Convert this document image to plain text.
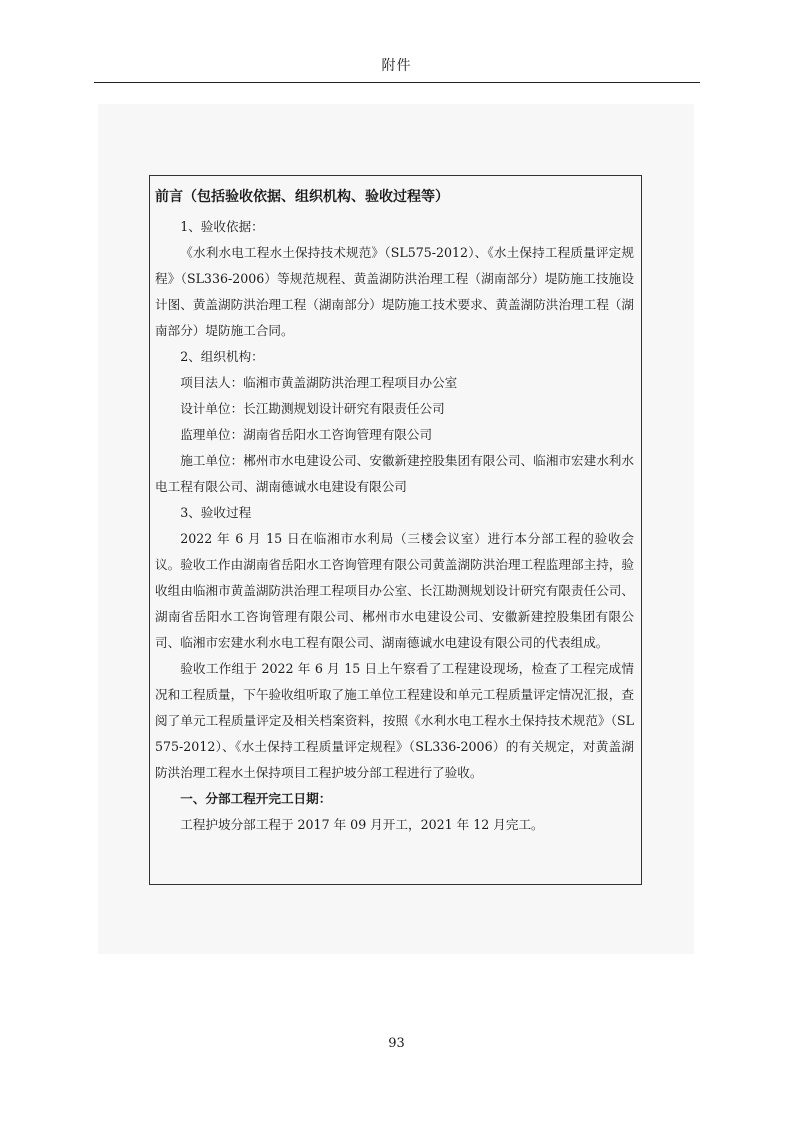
附件
前言（包括验收依据、组织机构、验收过程等）

1、验收依据：

《水利水电工程水土保持技术规范》（SL575-2012）、《水土保持工程质量评定规程》（SL336-2006）等规范规程、黄盖湖防洪治理工程（湖南部分）堤防施工技施设计图、黄盖湖防洪治理工程（湖南部分）堤防施工技术要求、黄盖湖防洪治理工程（湖南部分）堤防施工合同。

2、组织机构：

项目法人：临湘市黄盖湖防洪治理工程项目办公室

设计单位：长江勘测规划设计研究有限责任公司

监理单位：湖南省岳阳水工咨询管理有限公司

施工单位：郴州市水电建设公司、安徽新建控股集团有限公司、临湘市宏建水利水电工程有限公司、湖南德诚水电建设有限公司

3、验收过程

2022 年 6 月 15 日在临湘市水利局（三楼会议室）进行本分部工程的验收会议。验收工作由湖南省岳阳水工咨询管理有限公司黄盖湖防洪治理工程监理部主持，验收组由临湘市黄盖湖防洪治理工程项目办公室、长江勘测规划设计研究有限责任公司、湖南省岳阳水工咨询管理有限公司、郴州市水电建设公司、安徽新建控股集团有限公司、临湘市宏建水利水电工程有限公司、湖南德诚水电建设有限公司的代表组成。

验收工作组于 2022 年 6 月 15 日上午察看了工程建设现场，检查了工程完成情况和工程质量，下午验收组听取了施工单位工程建设和单元工程质量评定情况汇报，查阅了单元工程质量评定及相关档案资料，按照《水利水电工程水土保持技术规范》（SL575-2012）、《水土保持工程质量评定规程》（SL336-2006）的有关规定，对黄盖湖防洪治理工程水土保持项目工程护坡分部工程进行了验收。

一、分部工程开完工日期：

工程护坡分部工程于 2017 年 09 月开工，2021 年 12 月完工。

93
